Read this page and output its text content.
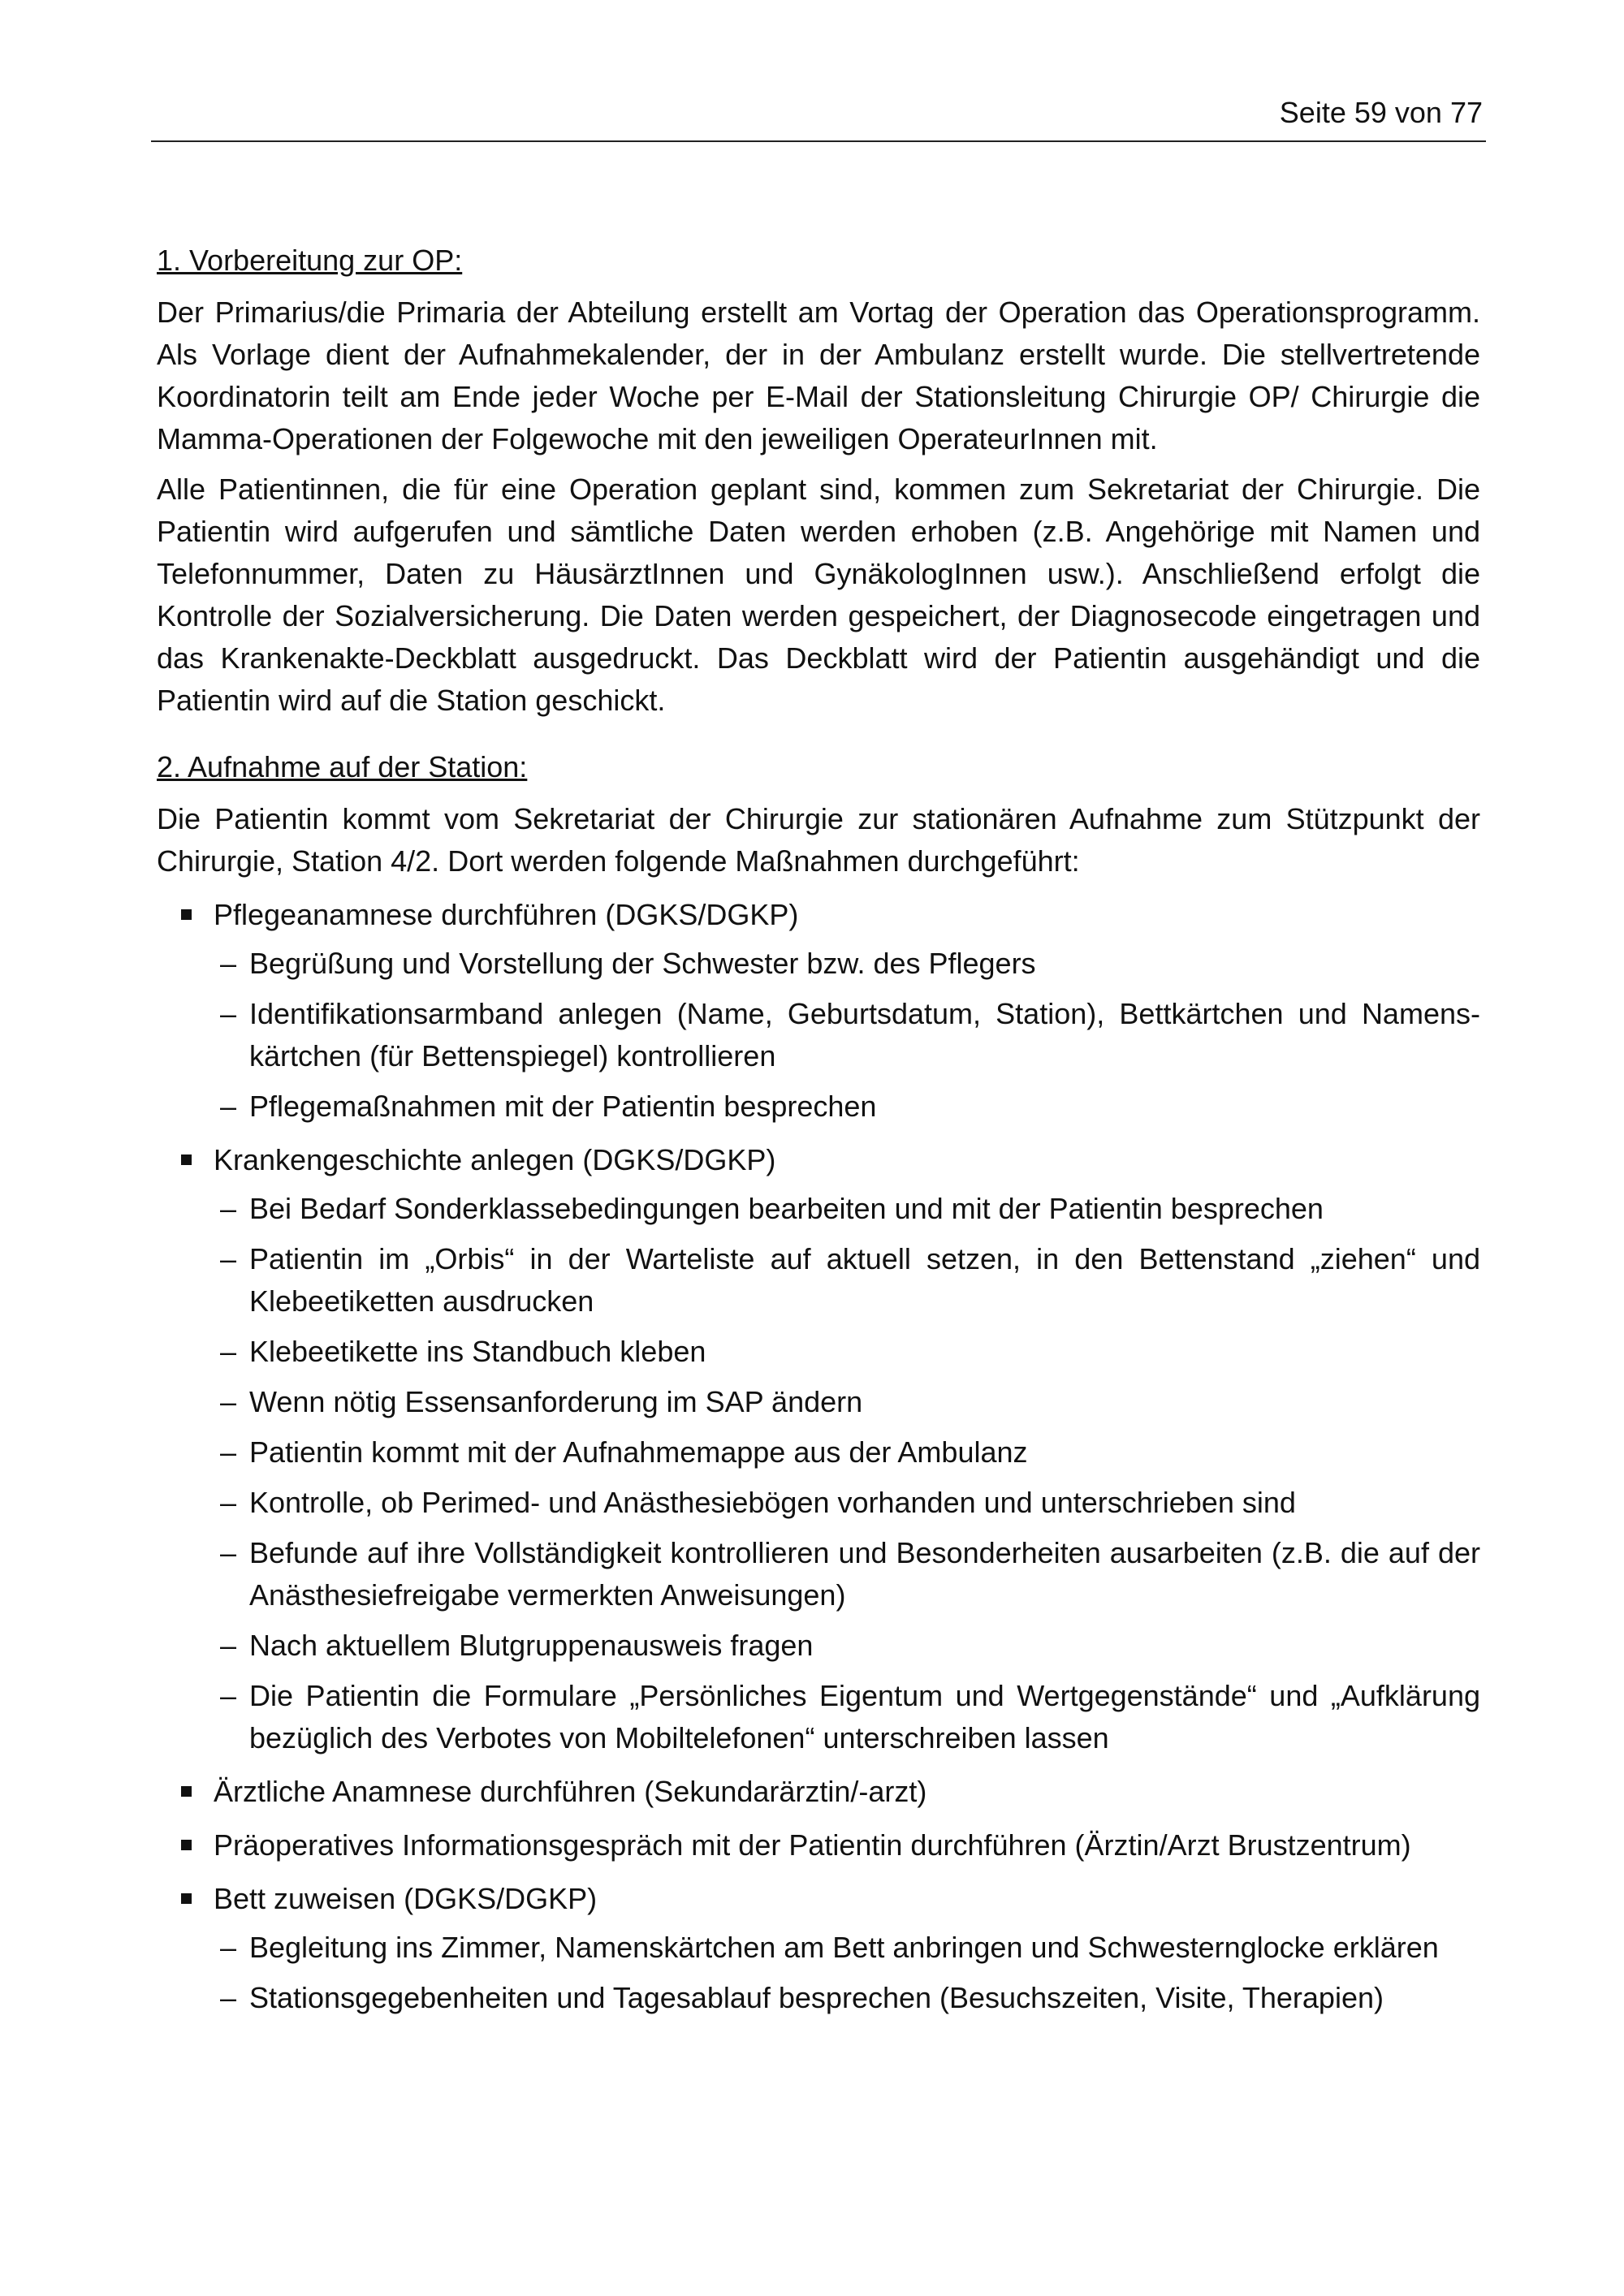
Seite 59 von 77
1. Vorbereitung zur OP:

Der Primarius/die Primaria der Abteilung erstellt am Vortag der Operation das Operationsprogramm. Als Vorlage dient der Aufnahmekalender, der in der Ambulanz erstellt wurde. Die stellvertretende Koordinatorin teilt am Ende jeder Woche per E-Mail der Stationsleitung Chirurgie OP/ Chirurgie die Mamma-Operationen der Folgewoche mit den jeweiligen OperateurInnen mit.

Alle Patientinnen, die für eine Operation geplant sind, kommen zum Sekretariat der Chirurgie. Die Patientin wird aufgerufen und sämtliche Daten werden erhoben (z.B. Angehörige mit Namen und Telefonnummer, Daten zu HäusärztInnen und GynäkologInnen usw.). Anschließend erfolgt die Kontrolle der Sozialversicherung. Die Daten werden gespeichert, der Diagnosecode eingetragen und das Krankenakte-Deckblatt ausgedruckt. Das Deckblatt wird der Patientin ausgehändigt und die Patientin wird auf die Station geschickt.

2. Aufnahme auf der Station:

Die Patientin kommt vom Sekretariat der Chirurgie zur stationären Aufnahme zum Stützpunkt der Chirurgie, Station 4/2. Dort werden folgende Maßnahmen durchgeführt:

Pflegeanamnese durchführen (DGKS/DGKP)
– Begrüßung und Vorstellung der Schwester bzw. des Pflegers
– Identifikationsarmband anlegen (Name, Geburtsdatum, Station), Bettkärtchen und Namenskärtchen (für Bettenspiegel) kontrollieren
– Pflegemaßnahmen mit der Patientin besprechen
Krankengeschichte anlegen (DGKS/DGKP)
– Bei Bedarf Sonderklassebedingungen bearbeiten und mit der Patientin besprechen
– Patientin im „Orbis“ in der Warteliste auf aktuell setzen, in den Bettenstand „ziehen“ und Klebeetiketten ausdrucken
– Klebeetikette ins Standbuch kleben
– Wenn nötig Essensanforderung im SAP ändern
– Patientin kommt mit der Aufnahmemappe aus der Ambulanz
– Kontrolle, ob Perimed- und Anästhesiebögen vorhanden und unterschrieben sind
– Befunde auf ihre Vollständigkeit kontrollieren und Besonderheiten ausarbeiten (z.B. die auf der Anästhesiefreigabe vermerkten Anweisungen)
– Nach aktuellem Blutgruppenausweis fragen
– Die Patientin die Formulare „Persönliches Eigentum und Wertgegenstände“ und „Aufklärung bezüglich des Verbotes von Mobiltelefonen“ unterschreiben lassen
Ärztliche Anamnese durchführen (Sekundarärztin/-arzt)
Präoperatives Informationsgespräch mit der Patientin durchführen (Ärztin/Arzt Brustzentrum)
Bett zuweisen (DGKS/DGKP)
– Begleitung ins Zimmer, Namenskärtchen am Bett anbringen und Schwesternglocke erklären
– Stationsgegebenheiten und Tagesablauf besprechen (Besuchszeiten, Visite, Therapien)
